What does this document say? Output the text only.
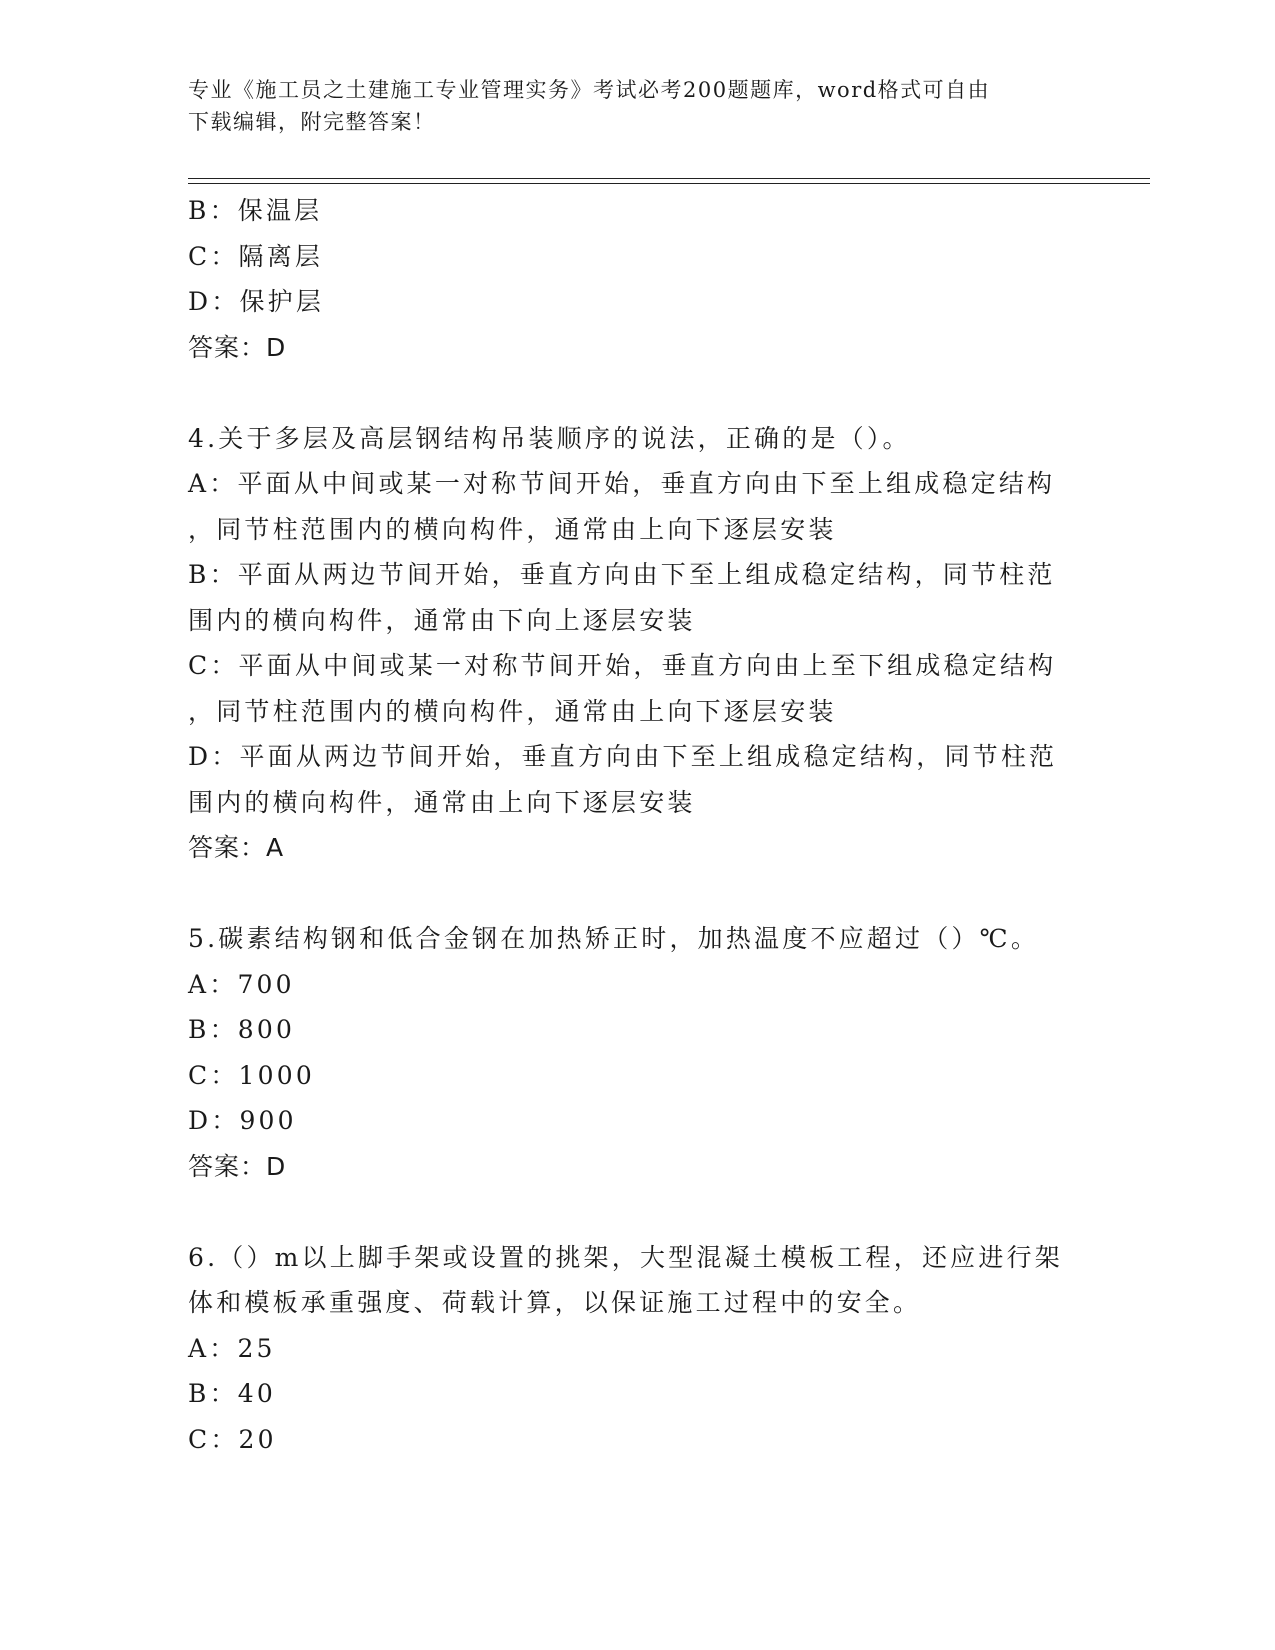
专业《施工员之土建施工专业管理实务》考试必考200题题库，word格式可自由
下载编辑，附完整答案！
B：保温层
C：隔离层
D：保护层
答案：D
4.关于多层及高层钢结构吊装顺序的说法，正确的是（）。
A：平面从中间或某一对称节间开始，垂直方向由下至上组成稳定结构
，同节柱范围内的横向构件，通常由上向下逐层安装
B：平面从两边节间开始，垂直方向由下至上组成稳定结构，同节柱范
围内的横向构件，通常由下向上逐层安装
C：平面从中间或某一对称节间开始，垂直方向由上至下组成稳定结构
，同节柱范围内的横向构件，通常由上向下逐层安装
D：平面从两边节间开始，垂直方向由下至上组成稳定结构，同节柱范
围内的横向构件，通常由上向下逐层安装
答案：A
5.碳素结构钢和低合金钢在加热矫正时，加热温度不应超过（）℃。
A：700
B：800
C：1000
D：900
答案：D
6.（）m以上脚手架或设置的挑架，大型混凝土模板工程，还应进行架
体和模板承重强度、荷载计算，以保证施工过程中的安全。
A：25
B：40
C：20
